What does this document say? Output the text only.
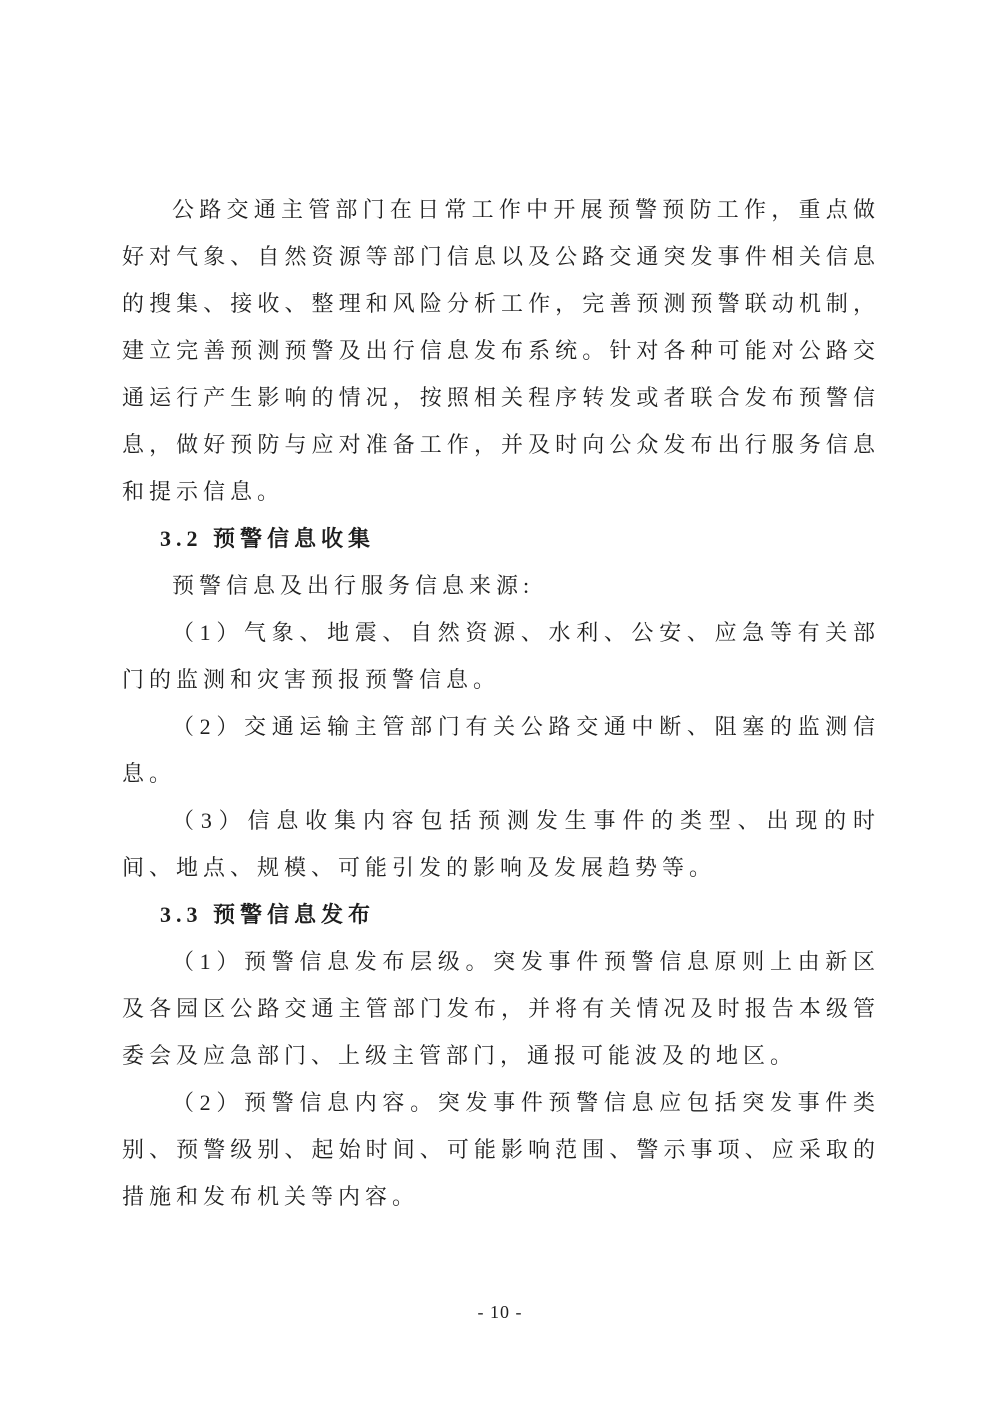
公路交通主管部门在日常工作中开展预警预防工作，重点做好对气象、自然资源等部门信息以及公路交通突发事件相关信息的搜集、接收、整理和风险分析工作，完善预测预警联动机制，建立完善预测预警及出行信息发布系统。针对各种可能对公路交通运行产生影响的情况，按照相关程序转发或者联合发布预警信息，做好预防与应对准备工作，并及时向公众发布出行服务信息和提示信息。

3.2 预警信息收集

预警信息及出行服务信息来源:

（1）气象、地震、自然资源、水利、公安、应急等有关部门的监测和灾害预报预警信息。

（2）交通运输主管部门有关公路交通中断、阻塞的监测信息。

（3）信息收集内容包括预测发生事件的类型、出现的时间、地点、规模、可能引发的影响及发展趋势等。

3.3 预警信息发布

（1）预警信息发布层级。突发事件预警信息原则上由新区及各园区公路交通主管部门发布，并将有关情况及时报告本级管委会及应急部门、上级主管部门，通报可能波及的地区。

（2）预警信息内容。突发事件预警信息应包括突发事件类别、预警级别、起始时间、可能影响范围、警示事项、应采取的措施和发布机关等内容。

- 10 -
